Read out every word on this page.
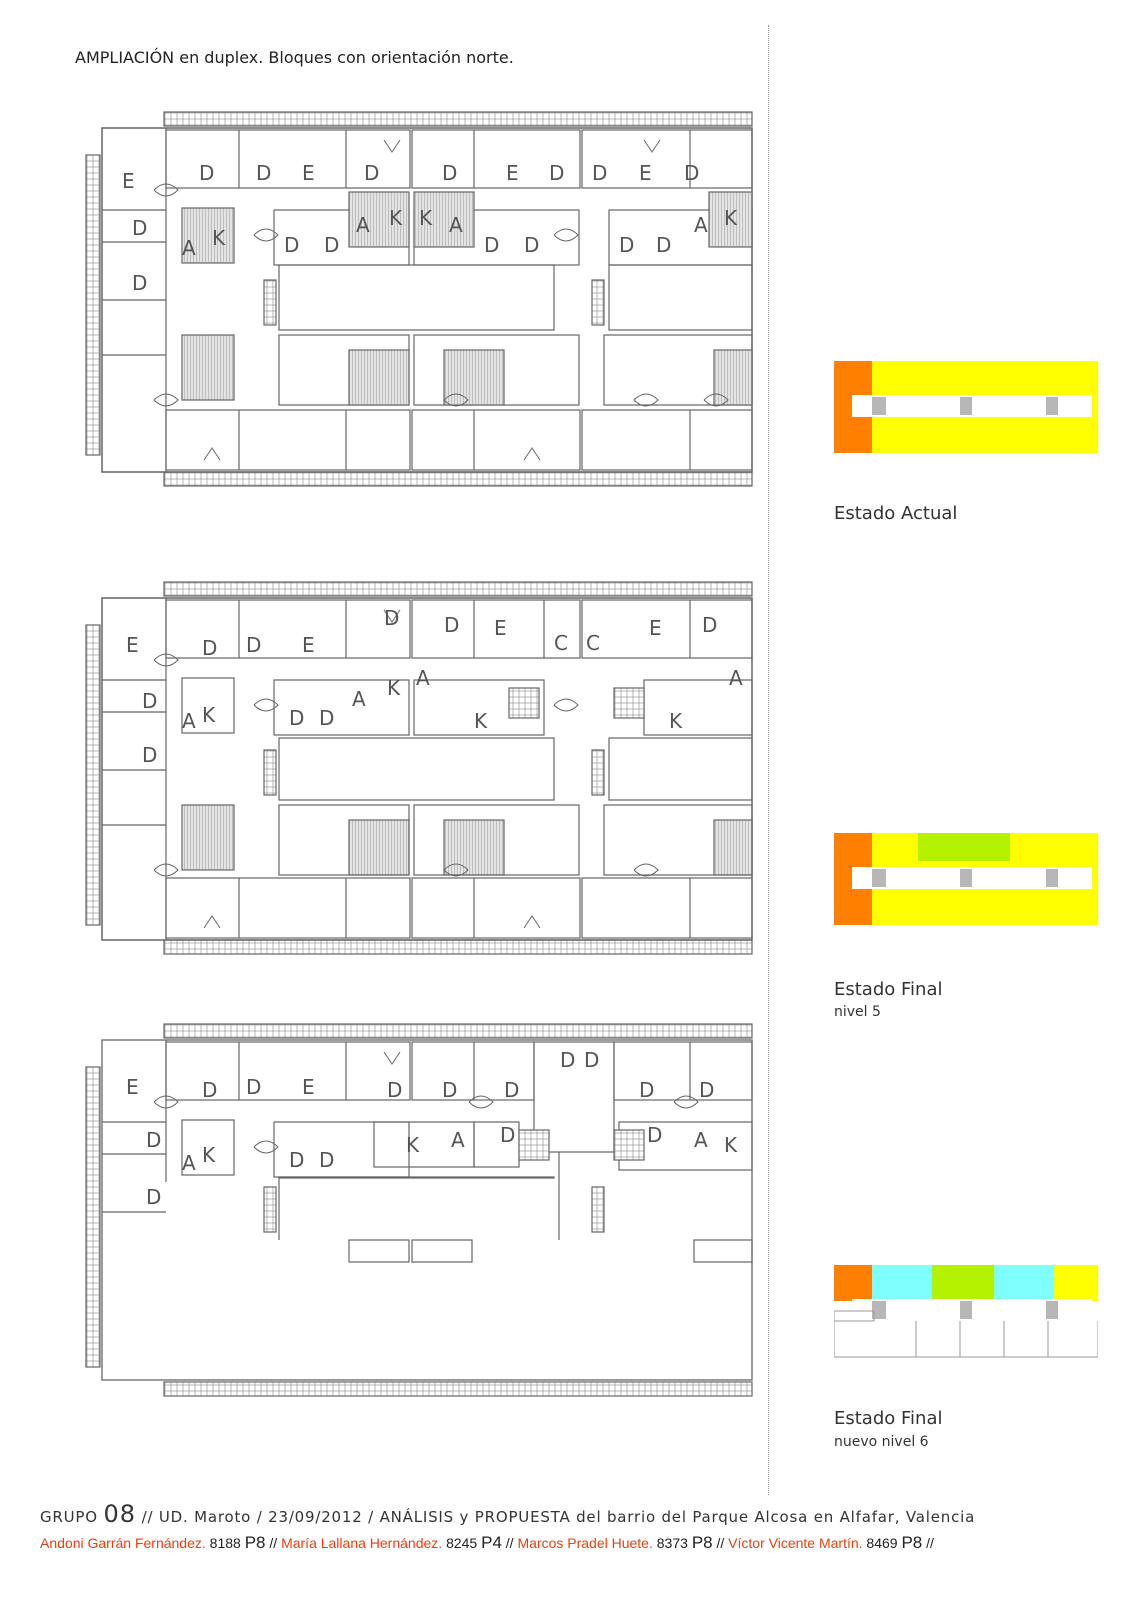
AMPLIACIÓN en duplex. Bloques con orientación norte.
E
D
D
D	E
D	D	E
D	D	E
D
A K	D D
A K K A
D D	D D
A K
D
E
D
D
E
D D
E
C C
E D
A K	D D
A K A
K	K
A
D D
E
D
D
E
D D	D D D
D D
D
A K	D D
K A D	D A K
D
Estado Actual
Estado Final
nivel 5
Estado Final
nuevo nivel 6
GRUPO 08 // UD. Maroto / 23/09/2012 / ANÁLISIS y PROPUESTA del barrio del Parque Alcosa en Alfafar, Valencia
Andoni Garrán Fernández. 8188 P8 // María Lallana Hernández. 8245 P4 // Marcos Pradel Huete. 8373 P8 // Víctor Vicente Martín. 8469 P8 //
